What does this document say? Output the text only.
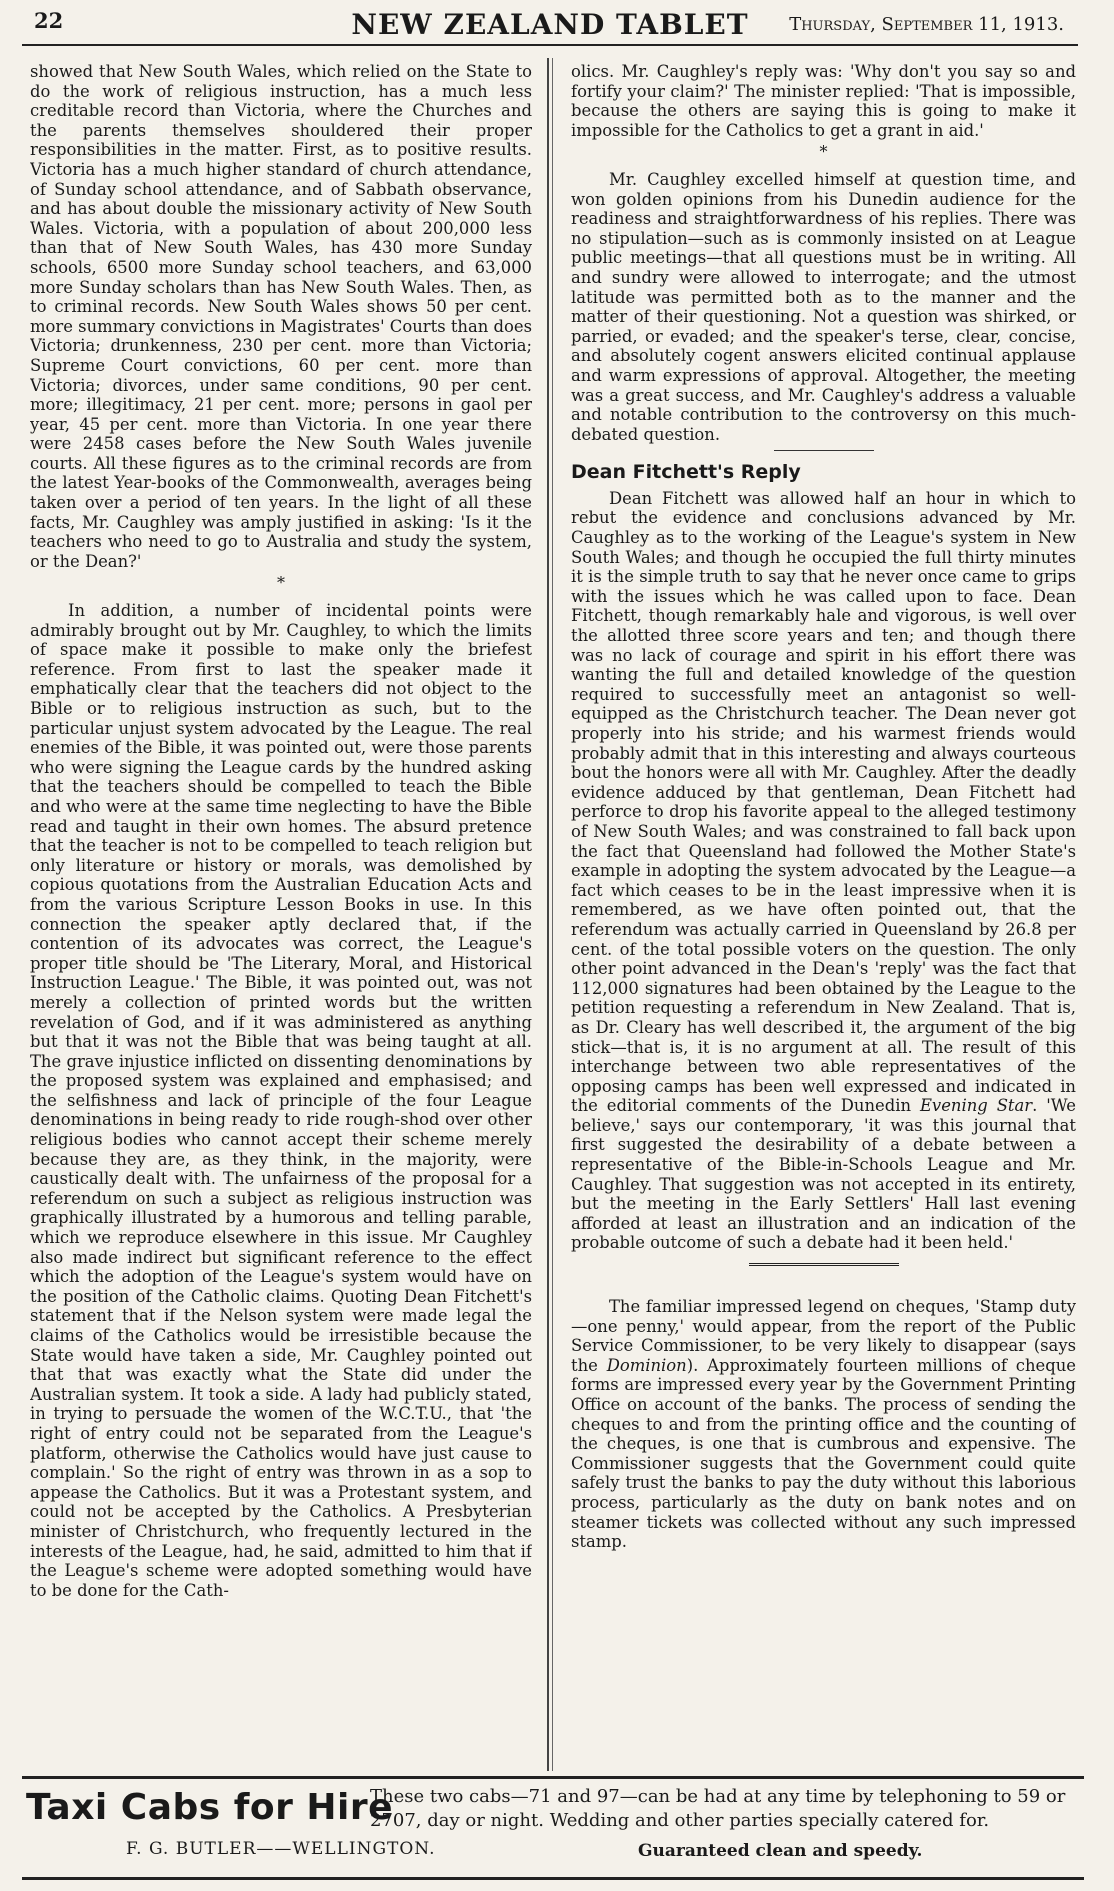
22	NEW ZEALAND TABLET	Thursday, September 11, 1913.

showed that New South Wales, which relied on the State to do the work of religious instruction, has a much less creditable record than Victoria, where the Churches and the parents themselves shouldered their proper responsibilities in the matter. First, as to positive results. Victoria has a much higher standard of church attendance, of Sunday school attendance, and of Sabbath observance, and has about double the missionary activity of New South Wales. Victoria, with a population of about 200,000 less than that of New South Wales, has 430 more Sunday schools, 6500 more Sunday school teachers, and 63,000 more Sunday scholars than has New South Wales. Then, as to criminal records. New South Wales shows 50 per cent. more summary convictions in Magistrates' Courts than does Victoria; drunkenness, 230 per cent. more than Victoria; Supreme Court convictions, 60 per cent. more than Victoria; divorces, under same conditions, 90 per cent. more; illegitimacy, 21 per cent. more; persons in gaol per year, 45 per cent. more than Victoria. In one year there were 2458 cases before the New South Wales juvenile courts. All these figures as to the criminal records are from the latest Year-books of the Commonwealth, averages being taken over a period of ten years. In the light of all these facts, Mr. Caughley was amply justified in asking: 'Is it the teachers who need to go to Australia and study the system, or the Dean?'

*

In addition, a number of incidental points were admirably brought out by Mr. Caughley, to which the limits of space make it possible to make only the briefest reference. From first to last the speaker made it emphatically clear that the teachers did not object to the Bible or to religious instruction as such, but to the particular unjust system advocated by the League. The real enemies of the Bible, it was pointed out, were those parents who were signing the League cards by the hundred asking that the teachers should be compelled to teach the Bible and who were at the same time neglecting to have the Bible read and taught in their own homes. The absurd pretence that the teacher is not to be compelled to teach religion but only literature or history or morals, was demolished by copious quotations from the Australian Education Acts and from the various Scripture Lesson Books in use. In this connection the speaker aptly declared that, if the contention of its advocates was correct, the League's proper title should be 'The Literary, Moral, and Historical Instruction League.' The Bible, it was pointed out, was not merely a collection of printed words but the written revelation of God, and if it was administered as anything but that it was not the Bible that was being taught at all. The grave injustice inflicted on dissenting denominations by the proposed system was explained and emphasised; and the selfishness and lack of principle of the four League denominations in being ready to ride rough-shod over other religious bodies who cannot accept their scheme merely because they are, as they think, in the majority, were caustically dealt with. The unfairness of the proposal for a referendum on such a subject as religious instruction was graphically illustrated by a humorous and telling parable, which we reproduce elsewhere in this issue. Mr Caughley also made indirect but significant reference to the effect which the adoption of the League's system would have on the position of the Catholic claims. Quoting Dean Fitchett's statement that if the Nelson system were made legal the claims of the Catholics would be irresistible because the State would have taken a side, Mr. Caughley pointed out that that was exactly what the State did under the Australian system. It took a side. A lady had publicly stated, in trying to persuade the women of the W.C.T.U., that 'the right of entry could not be separated from the League's platform, otherwise the Catholics would have just cause to complain.' So the right of entry was thrown in as a sop to appease the Catholics. But it was a Protestant system, and could not be accepted by the Catholics. A Presbyterian minister of Christchurch, who frequently lectured in the interests of the League, had, he said, admitted to him that if the League's scheme were adopted something would have to be done for the Cath-

olics. Mr. Caughley's reply was: 'Why don't you say so and fortify your claim?' The minister replied: 'That is impossible, because the others are saying this is going to make it impossible for the Catholics to get a grant in aid.'

*

Mr. Caughley excelled himself at question time, and won golden opinions from his Dunedin audience for the readiness and straightforwardness of his replies. There was no stipulation—such as is commonly insisted on at League public meetings—that all questions must be in writing. All and sundry were allowed to interrogate; and the utmost latitude was permitted both as to the manner and the matter of their questioning. Not a question was shirked, or parried, or evaded; and the speaker's terse, clear, concise, and absolutely cogent answers elicited continual applause and warm expressions of approval. Altogether, the meeting was a great success, and Mr. Caughley's address a valuable and notable contribution to the controversy on this much-debated question.

Dean Fitchett's Reply

Dean Fitchett was allowed half an hour in which to rebut the evidence and conclusions advanced by Mr. Caughley as to the working of the League's system in New South Wales; and though he occupied the full thirty minutes it is the simple truth to say that he never once came to grips with the issues which he was called upon to face. Dean Fitchett, though remarkably hale and vigorous, is well over the allotted three score years and ten; and though there was no lack of courage and spirit in his effort there was wanting the full and detailed knowledge of the question required to successfully meet an antagonist so well-equipped as the Christchurch teacher. The Dean never got properly into his stride; and his warmest friends would probably admit that in this interesting and always courteous bout the honors were all with Mr. Caughley. After the deadly evidence adduced by that gentleman, Dean Fitchett had perforce to drop his favorite appeal to the alleged testimony of New South Wales; and was constrained to fall back upon the fact that Queensland had followed the Mother State's example in adopting the system advocated by the League—a fact which ceases to be in the least impressive when it is remembered, as we have often pointed out, that the referendum was actually carried in Queensland by 26.8 per cent. of the total possible voters on the question. The only other point advanced in the Dean's 'reply' was the fact that 112,000 signatures had been obtained by the League to the petition requesting a referendum in New Zealand. That is, as Dr. Cleary has well described it, the argument of the big stick—that is, it is no argument at all. The result of this interchange between two able representatives of the opposing camps has been well expressed and indicated in the editorial comments of the Dunedin Evening Star. 'We believe,' says our contemporary, 'it was this journal that first suggested the desirability of a debate between a representative of the Bible-in-Schools League and Mr. Caughley. That suggestion was not accepted in its entirety, but the meeting in the Early Settlers' Hall last evening afforded at least an illustration and an indication of the probable outcome of such a debate had it been held.'

The familiar impressed legend on cheques, 'Stamp duty—one penny,' would appear, from the report of the Public Service Commissioner, to be very likely to disappear (says the Dominion). Approximately fourteen millions of cheque forms are impressed every year by the Government Printing Office on account of the banks. The process of sending the cheques to and from the printing office and the counting of the cheques, is one that is cumbrous and expensive. The Commissioner suggests that the Government could quite safely trust the banks to pay the duty without this laborious process, particularly as the duty on bank notes and on steamer tickets was collected without any such impressed stamp.

Taxi Cabs for Hire
F. G. BUTLER——WELLINGTON.
These two cabs—71 and 97—can be had at any time by telephoning to 59 or 2707, day or night. Wedding and other parties specially catered for.
Guaranteed clean and speedy.
